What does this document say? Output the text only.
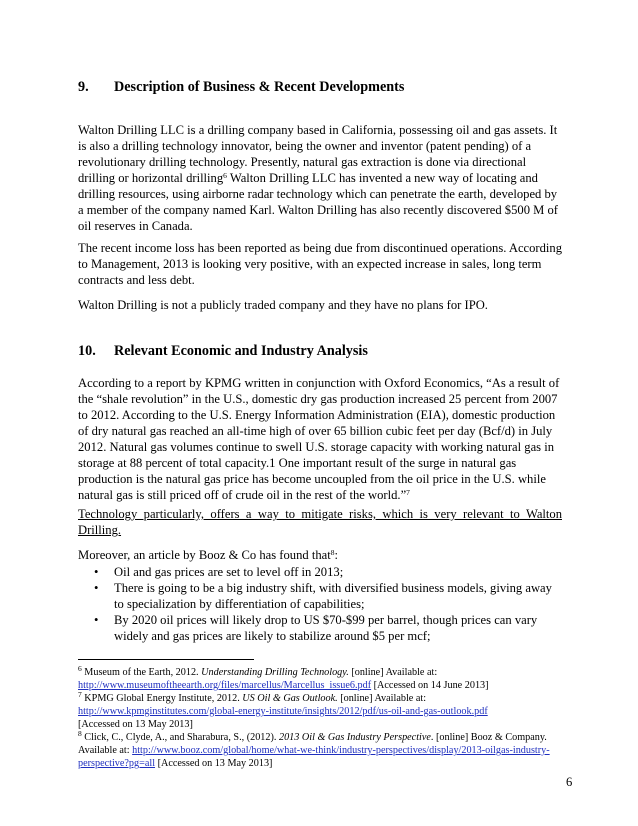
9. Description of Business & Recent Developments

Walton Drilling LLC is a drilling company based in California, possessing oil and gas assets. It is also a drilling technology innovator, being the owner and inventor (patent pending) of a revolutionary drilling technology. Presently, natural gas extraction is done via directional drilling or horizontal drilling$^6$ Walton Drilling LLC has invented a new way of locating and drilling resources, using airborne radar technology which can penetrate the earth, developed by a member of the company named Karl. Walton Drilling has also recently discovered $500 M of oil reserves in Canada.

The recent income loss has been reported as being due from discontinued operations. According to Management, 2013 is looking very positive, with an expected increase in sales, long term contracts and less debt.

Walton Drilling is not a publicly traded company and they have no plans for IPO.

10. Relevant Economic and Industry Analysis

According to a report by KPMG written in conjunction with Oxford Economics, “As a result of the “shale revolution” in the U.S., domestic dry gas production increased 25 percent from 2007 to 2012. According to the U.S. Energy Information Administration (EIA), domestic production of dry natural gas reached an all-time high of over 65 billion cubic feet per day (Bcf/d) in July 2012. Natural gas volumes continue to swell U.S. storage capacity with working natural gas in storage at 88 percent of total capacity.1 One important result of the surge in natural gas production is the natural gas price has become uncoupled from the oil price in the U.S. while natural gas is still priced off of crude oil in the rest of the world.”$^7$

Technology particularly, offers a way to mitigate risks, which is very relevant to Walton Drilling.

Moreover, an article by Booz & Co has found that$^8$:

• Oil and gas prices are set to level off in 2013;
• There is going to be a big industry shift, with diversified business models, giving away to specialization by differentiation of capabilities;
• By 2020 oil prices will likely drop to US $70-$99 per barrel, though prices can vary widely and gas prices are likely to stabilize around $5 per mcf;
$^6$ Museum of the Earth, 2012. Understanding Drilling Technology. [online] Available at:
http://www.museumoftheearth.org/files/marcellus/Marcellus_issue6.pdf [Accessed on 14 June 2013]
$^7$ KPMG Global Energy Institute, 2012. US Oil & Gas Outlook. [online] Available at:
http://www.kpmginstitutes.com/global-energy-institute/insights/2012/pdf/us-oil-and-gas-outlook.pdf
[Accessed on 13 May 2013]
$^8$ Click, C., Clyde, A., and Sharabura, S., (2012). 2013 Oil & Gas Industry Perspective. [online] Booz & Company. Available at: http://www.booz.com/global/home/what-we-think/industry-perspectives/display/2013-oilgas-industry-perspective?pg=all [Accessed on 13 May 2013]
6
